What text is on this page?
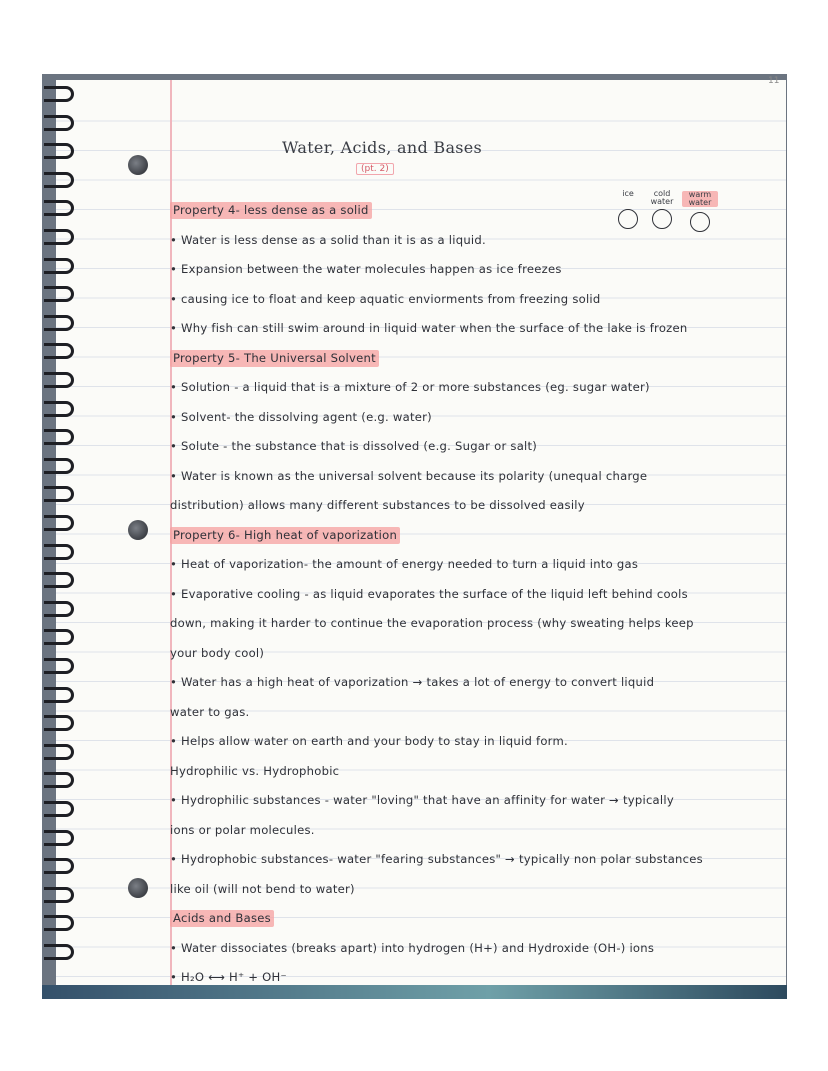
11
Water, Acids, and Bases
(pt. 2)
ice	cold water
warm water
Property 4- less dense as a solid
• Water is less dense as a solid than it is as a liquid.
• Expansion between the water molecules happen as ice freezes
• causing ice to float and keep aquatic enviorments from freezing solid
• Why fish can still swim around in liquid water when the surface of the lake is frozen
Property 5- The Universal Solvent
• Solution - a liquid that is a mixture of 2 or more substances (eg. sugar water)
• Solvent- the dissolving agent (e.g. water)
• Solute - the substance that is dissolved (e.g. Sugar or salt)
• Water is known as the universal solvent because its polarity (unequal charge
distribution) allows many different substances to be dissolved easily
Property 6- High heat of vaporization
• Heat of vaporization- the amount of energy needed to turn a liquid into gas
• Evaporative cooling - as liquid evaporates the surface of the liquid left behind cools
down, making it harder to continue the evaporation process (why sweating helps keep
your body cool)
• Water has a high heat of vaporization → takes a lot of energy to convert liquid
water to gas.
• Helps allow water on earth and your body to stay in liquid form.
Hydrophilic vs. Hydrophobic
• Hydrophilic substances - water "loving" that have an affinity for water → typically
ions or polar molecules.
• Hydrophobic substances- water "fearing substances" → typically non polar substances
like oil (will not bend to water)
Acids and Bases
• Water dissociates (breaks apart) into hydrogen (H+) and Hydroxide (OH-) ions
• H₂O ⟷ H⁺ + OH⁻
